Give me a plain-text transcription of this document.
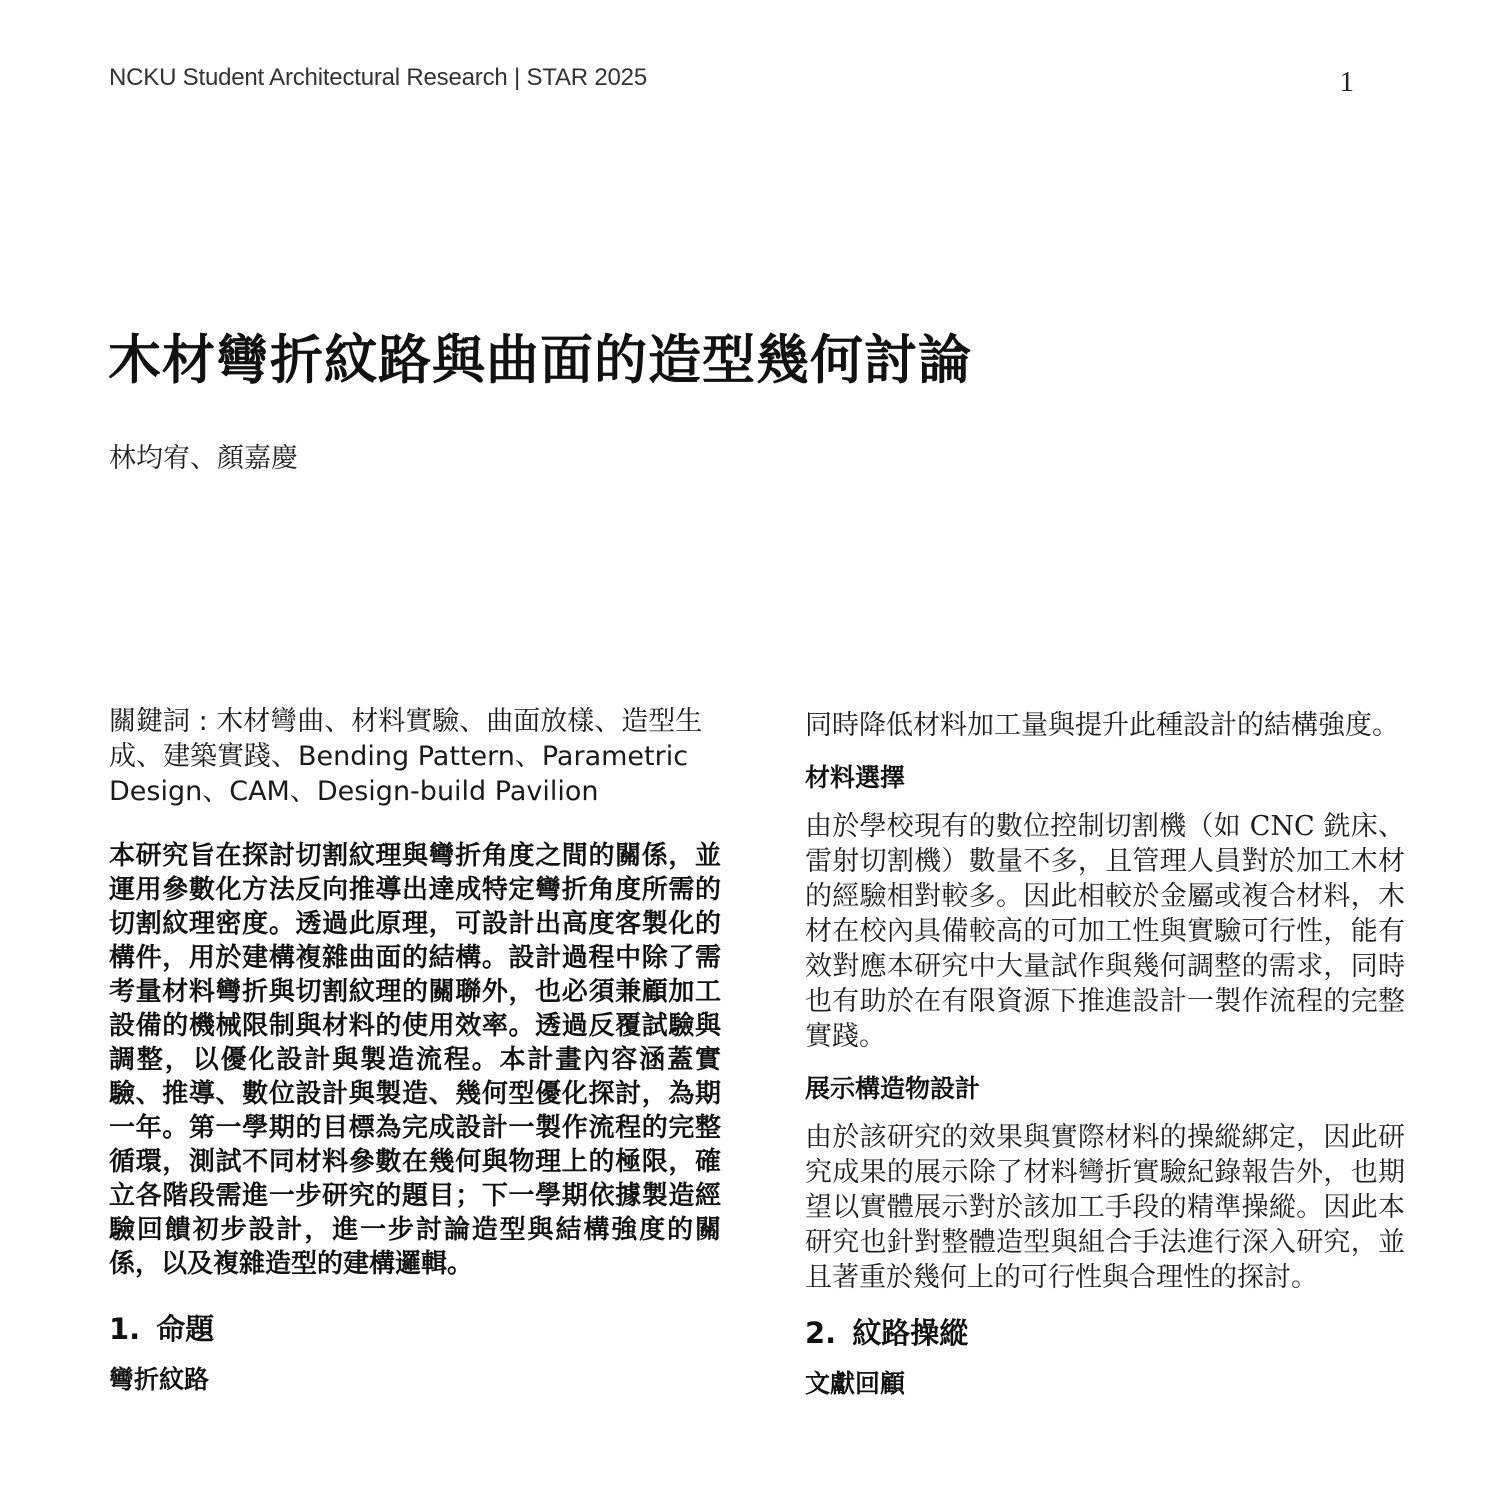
NCKU Student Architectural Research | STAR 2025	1
木材彎折紋路與曲面的造型幾何討論
林均宥、顏嘉慶

關鍵詞 : 木材彎曲、材料實驗、曲面放樣、造型生成、建築實踐、Bending Pattern、Parametric Design、CAM、Design-build Pavilion

本研究旨在探討切割紋理與彎折角度之間的關係，並運用參數化方法反向推導出達成特定彎折角度所需的切割紋理密度。透過此原理，可設計出高度客製化的構件，用於建構複雜曲面的結構。設計過程中除了需考量材料彎折與切割紋理的關聯外，也必須兼顧加工設備的機械限制與材料的使用效率。透過反覆試驗與調整，以優化設計與製造流程。本計畫內容涵蓋實驗、推導、數位設計與製造、幾何型優化探討，為期一年。第一學期的目標為完成設計一製作流程的完整循環，測試不同材料參數在幾何與物理上的極限，確立各階段需進一步研究的題目；下一學期依據製造經驗回饋初步設計，進一步討論造型與結構強度的關係，以及複雜造型的建構邏輯。

1. 命題
彎折紋路

同時降低材料加工量與提升此種設計的結構強度。

材料選擇

由於學校現有的數位控制切割機（如 CNC 銑床、雷射切割機）數量不多，且管理人員對於加工木材的經驗相對較多。因此相較於金屬或複合材料，木材在校內具備較高的可加工性與實驗可行性，能有效對應本研究中大量試作與幾何調整的需求，同時也有助於在有限資源下推進設計一製作流程的完整實踐。

展示構造物設計

由於該研究的效果與實際材料的操縱綁定，因此研究成果的展示除了材料彎折實驗紀錄報告外，也期望以實體展示對於該加工手段的精準操縱。因此本研究也針對整體造型與組合手法進行深入研究，並且著重於幾何上的可行性與合理性的探討。

2. 紋路操縱
文獻回顧
